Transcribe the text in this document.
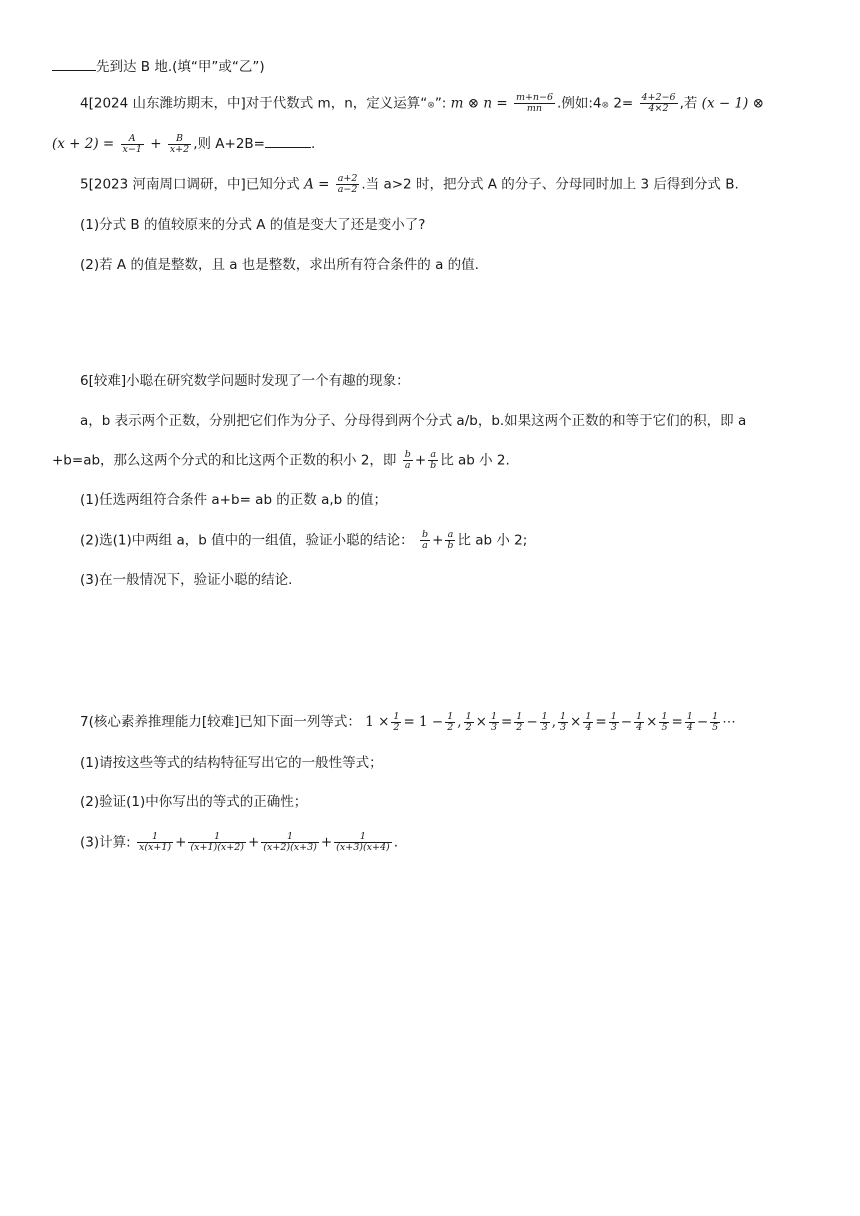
先到达 B 地.(填“甲”或“乙”)
4[2024 山东潍坊期末，中]对于代数式 m，n，定义运算“⊗”: m ⊗ $n = \frac{m+n-6}{mn}$ .例如:4⊗ $2= \frac{4+2-6}{4\times 2}$ ,若 (x − 1) ⊗
$(x + 2) = \frac{A}{x-1} + \frac{B}{x+2}$ ,则 A+2B=	.
5[2023 河南周口调研，中]已知分式 $A = \frac{a+2}{a-2}$ .当 a>2 时，把分式 A 的分子、分母同时加上 3 后得到分式 B.
(1)分式 B 的值较原来的分式 A 的值是变大了还是变小了?
(2)若 A 的值是整数，且 a 也是整数，求出所有符合条件的 a 的值.
6[较难]小聪在研究数学问题时发现了一个有趣的现象：
a，b 表示两个正数，分别把它们作为分子、分母得到两个分式 a/b，b.如果这两个正数的和等于它们的积，即 a
+b=ab，那么这两个分式的和比这两个正数的积小 2，即 $\frac{b}{a} + \frac{a}{b}$ 比 ab 小 2.
(1)任选两组符合条件 a+b= ab 的正数 a,b 的值；
(2)选(1)中两组 a，b 值中的一组值，验证小聪的结论： $\frac{b}{a} + \frac{a}{b}$ 比 ab 小 2;
(3)在一般情况下，验证小聪的结论.
7(核心素养推理能力[较难]已知下面一列等式： $1 \times \frac{1}{2} = 1 - \frac{1}{2}$ , $\frac{1}{2} \times \frac{1}{3} = \frac{1}{2} - \frac{1}{3}$ , $\frac{1}{3} \times \frac{1}{4} = \frac{1}{3} - \frac{1}{4} \times \frac{1}{5} = \frac{1}{4} - \frac{1}{5}$ ⋯
(1)请按这些等式的结构特征写出它的一般性等式；
(2)验证(1)中你写出的等式的正确性；
(3)计算: $\frac{1}{x(x+1)} + \frac{1}{(x+1)(x+2)} + \frac{1}{(x+2)(x+3)} + \frac{1}{(x+3)(x+4)}$ .
